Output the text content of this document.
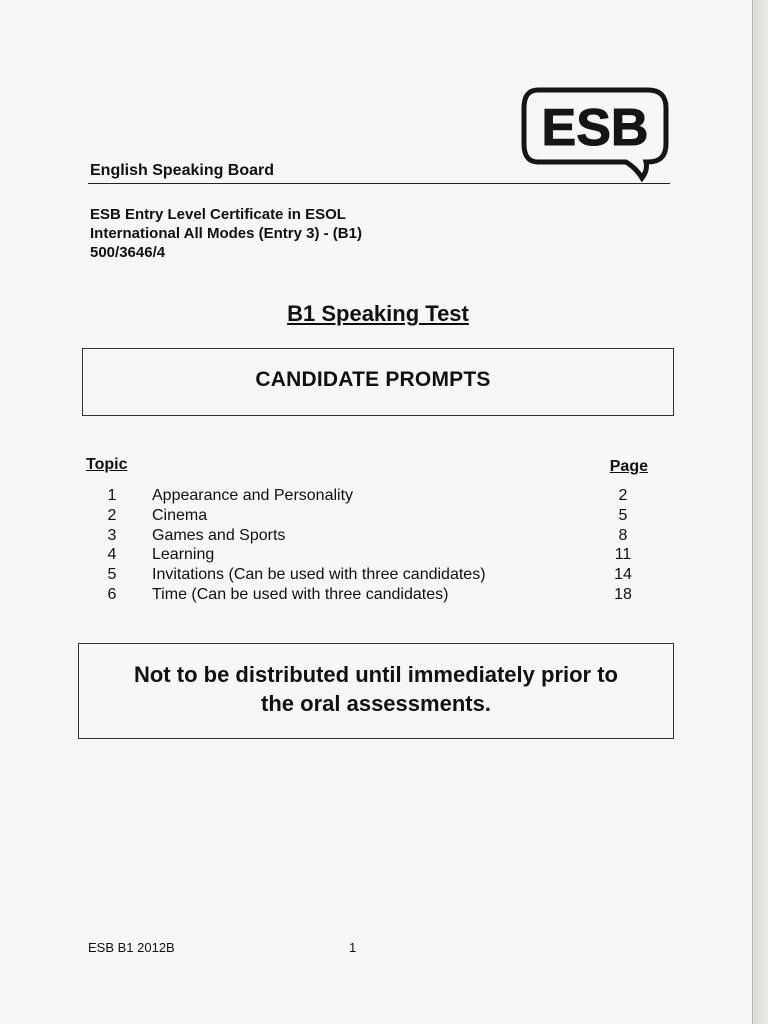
ESB
English Speaking Board
ESB Entry Level Certificate in ESOL
International All Modes (Entry 3) - (B1)
500/3646/4
B1 Speaking Test
CANDIDATE PROMPTS
Topic	Page
1	Appearance and Personality	2
2	Cinema	5
3	Games and Sports	8
4	Learning	11
5	Invitations (Can be used with three candidates)	14
6	Time (Can be used with three candidates)	18
Not to be distributed until immediately prior to
the oral assessments.
ESB B1 2012B	1
